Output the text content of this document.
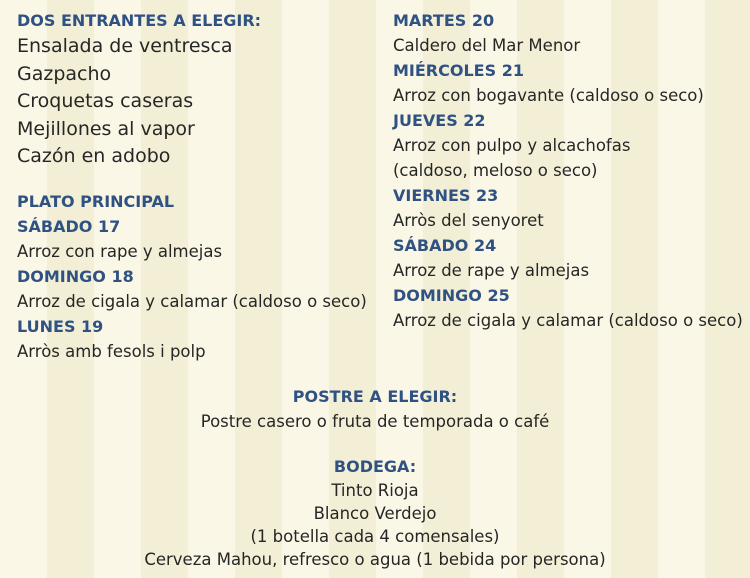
DOS ENTRANTES A ELEGIR:
Ensalada de ventresca
Gazpacho
Croquetas caseras
Mejillones al vapor
Cazón en adobo
PLATO PRINCIPAL
SÁBADO 17
Arroz con rape y almejas
DOMINGO 18
Arroz de cigala y calamar (caldoso o seco)
LUNES 19
Arròs amb fesols i polp
MARTES 20
Caldero del Mar Menor
MIÉRCOLES 21
Arroz con bogavante (caldoso o seco)
JUEVES 22
Arroz con pulpo y alcachofas
(caldoso, meloso o seco)
VIERNES 23
Arròs del senyoret
SÁBADO 24
Arroz de rape y almejas
DOMINGO 25
Arroz de cigala y calamar (caldoso o seco)
POSTRE A ELEGIR:
Postre casero o fruta de temporada o café
BODEGA:
Tinto Rioja
Blanco Verdejo
(1 botella cada 4 comensales)
Cerveza Mahou, refresco o agua (1 bebida por persona)
